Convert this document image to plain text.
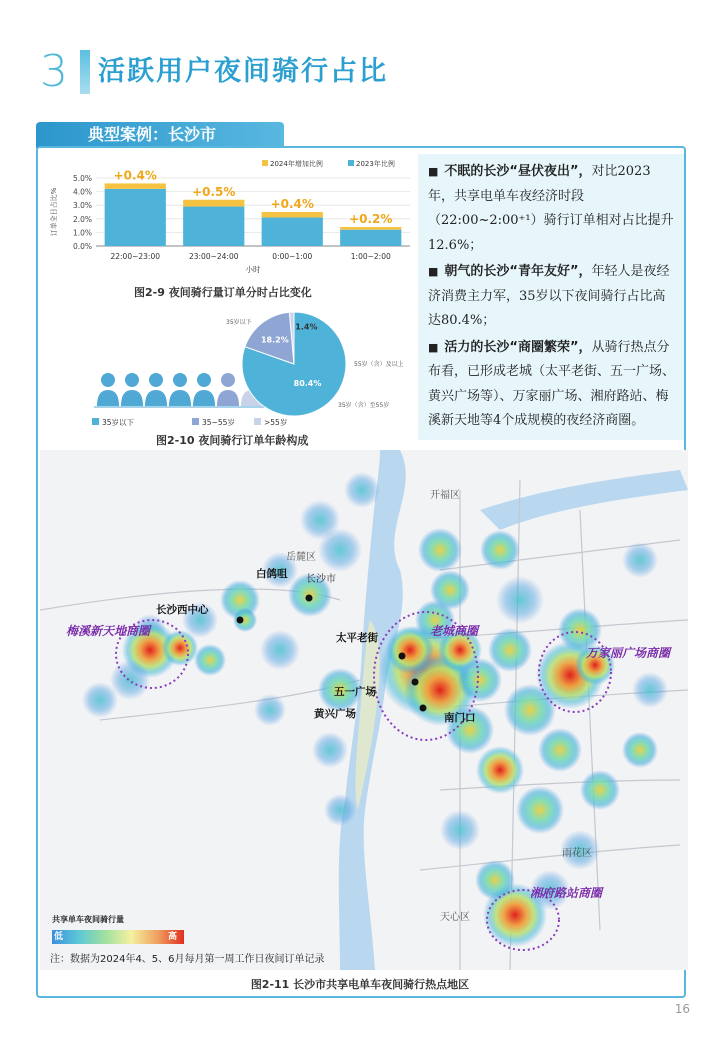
3 活跃用户夜间骑行占比
典型案例：长沙市
0.0%
1.0%
2.0%
3.0%
4.0%
5.0%
订单全日占比%
+0.4%
22:00~23:00
+0.5%
23:00~24:00
+0.4%
0:00~1:00
+0.2%
1:00~2:00
小时
2024年增加比例	2023年比例
80.4%
18.2%
1.4%
35岁以下
35岁（含）至55岁
55岁（含）及以上
35岁以下	35~55岁	>55岁
图2-9 夜间骑行量订单分时占比变化
图2-10 夜间骑行订单年龄构成

■ 不眠的长沙“昼伏夜出”，对比2023年，共享电单车夜经济时段（22:00~2:00⁺¹）骑行订单相对占比提升12.6%；

■ 朝气的长沙“青年友好”，年轻人是夜经济消费主力军，35岁以下夜间骑行占比高达80.4%；

■ 活力的长沙“商圈繁荣”，从骑行热点分布看，已形成老城（太平老街、五一广场、黄兴广场等）、万家丽广场、湘府路站、梅溪新天地等4个成规模的夜经济商圈。

开福区
岳麓区
雨花区
天心区
白鸽咀 长沙市
长沙西中心
太平老街
五一广场
黄兴广场	南门口
梅溪新天地商圈	老城商圈
万家丽广场商圈
湘府路站商圈
共享单车夜间骑行量
低	高
注：数据为2024年4、5、6月每月第一周工作日夜间订单记录
图2-11 长沙市共享电单车夜间骑行热点地区
16
